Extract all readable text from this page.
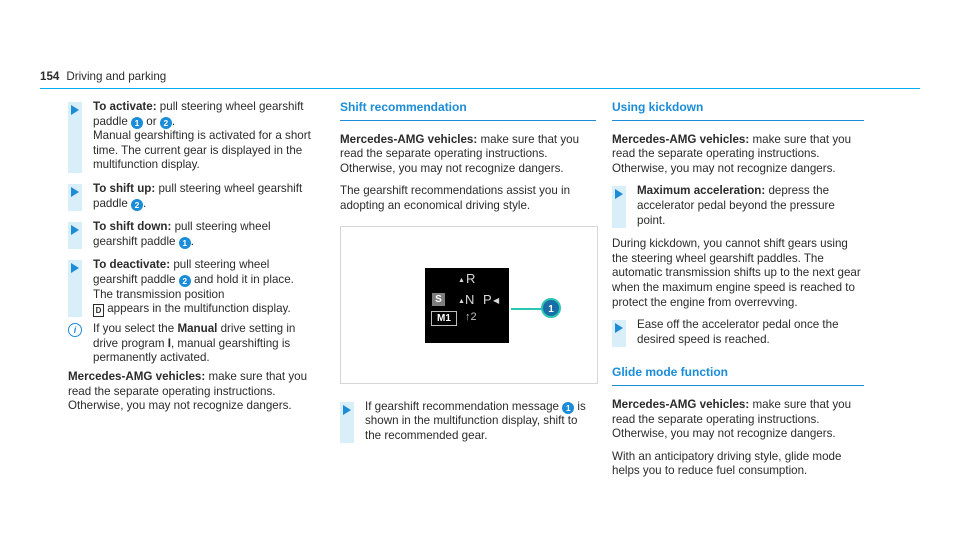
154 Driving and parking
To activate: pull steering wheel gearshift paddle 1 or 2 .
Manual gearshifting is activated for a short time. The current gear is displayed in the multifunction display.
To shift up: pull steering wheel gearshift paddle 2 .
To shift down: pull steering wheel gearshift paddle 1 .
To deactivate: pull steering wheel gearshift paddle 2 and hold it in place.
The transmission position
D appears in the multifunction display.
i	If you select the Manual drive setting in drive program I, manual gearshifting is permanently activated.

Mercedes-AMG vehicles: make sure that you read the separate operating instructions. Otherwise, you may not recognize dangers.

Shift recommendation

Mercedes-AMG vehicles: make sure that you read the separate operating instructions. Otherwise, you may not recognize dangers.

The gearshift recommendations assist you in adopting an economical driving style.

▲ R
▲ N P ◀
S
M1	↑2
1
If gearshift recommendation message 1 is shown in the multifunction display, shift to the recommended gear.
Using kickdown

Mercedes-AMG vehicles: make sure that you read the separate operating instructions. Otherwise, you may not recognize dangers.

Maximum acceleration: depress the accelerator pedal beyond the pressure point.

During kickdown, you cannot shift gears using the steering wheel gearshift paddles. The automatic transmission shifts up to the next gear when the maximum engine speed is reached to protect the engine from overrevving.

Ease off the accelerator pedal once the desired speed is reached.
Glide mode function

Mercedes-AMG vehicles: make sure that you read the separate operating instructions. Otherwise, you may not recognize dangers.

With an anticipatory driving style, glide mode helps you to reduce fuel consumption.
